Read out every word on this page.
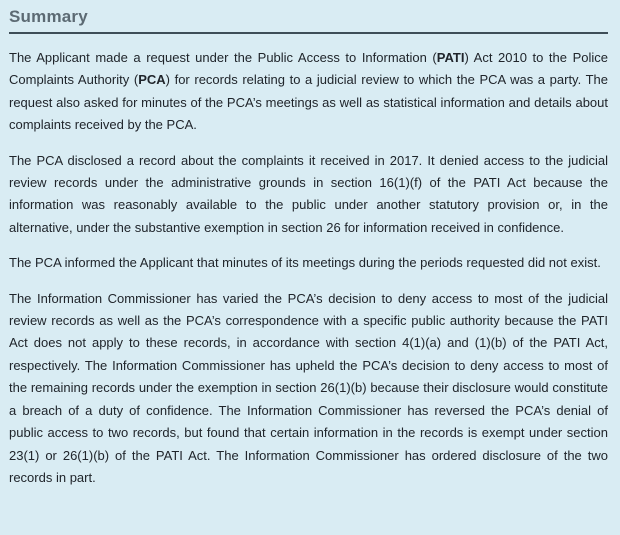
Summary

The Applicant made a request under the Public Access to Information (PATI) Act 2010 to the Police Complaints Authority (PCA) for records relating to a judicial review to which the PCA was a party. The request also asked for minutes of the PCA’s meetings as well as statistical information and details about complaints received by the PCA.

The PCA disclosed a record about the complaints it received in 2017. It denied access to the judicial review records under the administrative grounds in section 16(1)(f) of the PATI Act because the information was reasonably available to the public under another statutory provision or, in the alternative, under the substantive exemption in section 26 for information received in confidence.

The PCA informed the Applicant that minutes of its meetings during the periods requested did not exist.

The Information Commissioner has varied the PCA’s decision to deny access to most of the judicial review records as well as the PCA’s correspondence with a specific public authority because the PATI Act does not apply to these records, in accordance with section 4(1)(a) and (1)(b) of the PATI Act, respectively. The Information Commissioner has upheld the PCA’s decision to deny access to most of the remaining records under the exemption in section 26(1)(b) because their disclosure would constitute a breach of a duty of confidence. The Information Commissioner has reversed the PCA’s denial of public access to two records, but found that certain information in the records is exempt under section 23(1) or 26(1)(b) of the PATI Act. The Information Commissioner has ordered disclosure of the two records in part.
